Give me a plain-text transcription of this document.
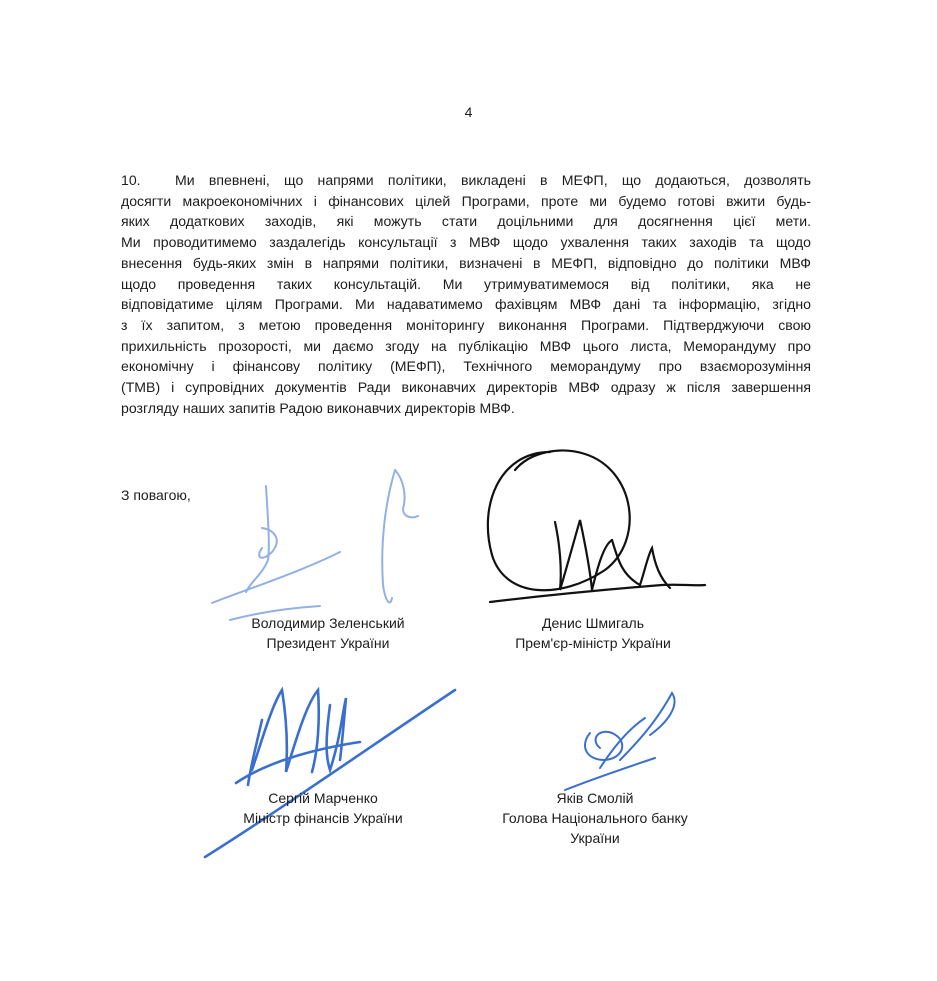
4
10. Ми впевнені, що напрями політики, викладені в МЕФП, що додаються, дозволять
досягти макроекономічних і фінансових цілей Програми, проте ми будемо готові вжити будь-
яких додаткових заходів, які можуть стати доцільними для досягнення цієї мети.
Ми проводитимемо заздалегідь консультації з МВФ щодо ухвалення таких заходів та щодо
внесення будь-яких змін в напрями політики, визначені в МЕФП, відповідно до політики МВФ
щодо проведення таких консультацій. Ми утримуватимемося від політики, яка не
відповідатиме цілям Програми. Ми надаватимемо фахівцям МВФ дані та інформацію, згідно
з їх запитом, з метою проведення моніторингу виконання Програми. Підтверджуючи свою
прихильність прозорості, ми даємо згоду на публікацію МВФ цього листа, Меморандуму про
економічну і фінансову політику (МЕФП), Технічного меморандуму про взаєморозуміння
(ТМВ) і супровідних документів Ради виконавчих директорів МВФ одразу ж після завершення
розгляду наших запитів Радою виконавчих директорів МВФ.
З повагою,
Володимир Зеленський
Президент України
Денис Шмигаль
Прем'єр-міністр України
Сергій Марченко
Міністр фінансів України
Яків Смолій
Голова Національного банку
України
